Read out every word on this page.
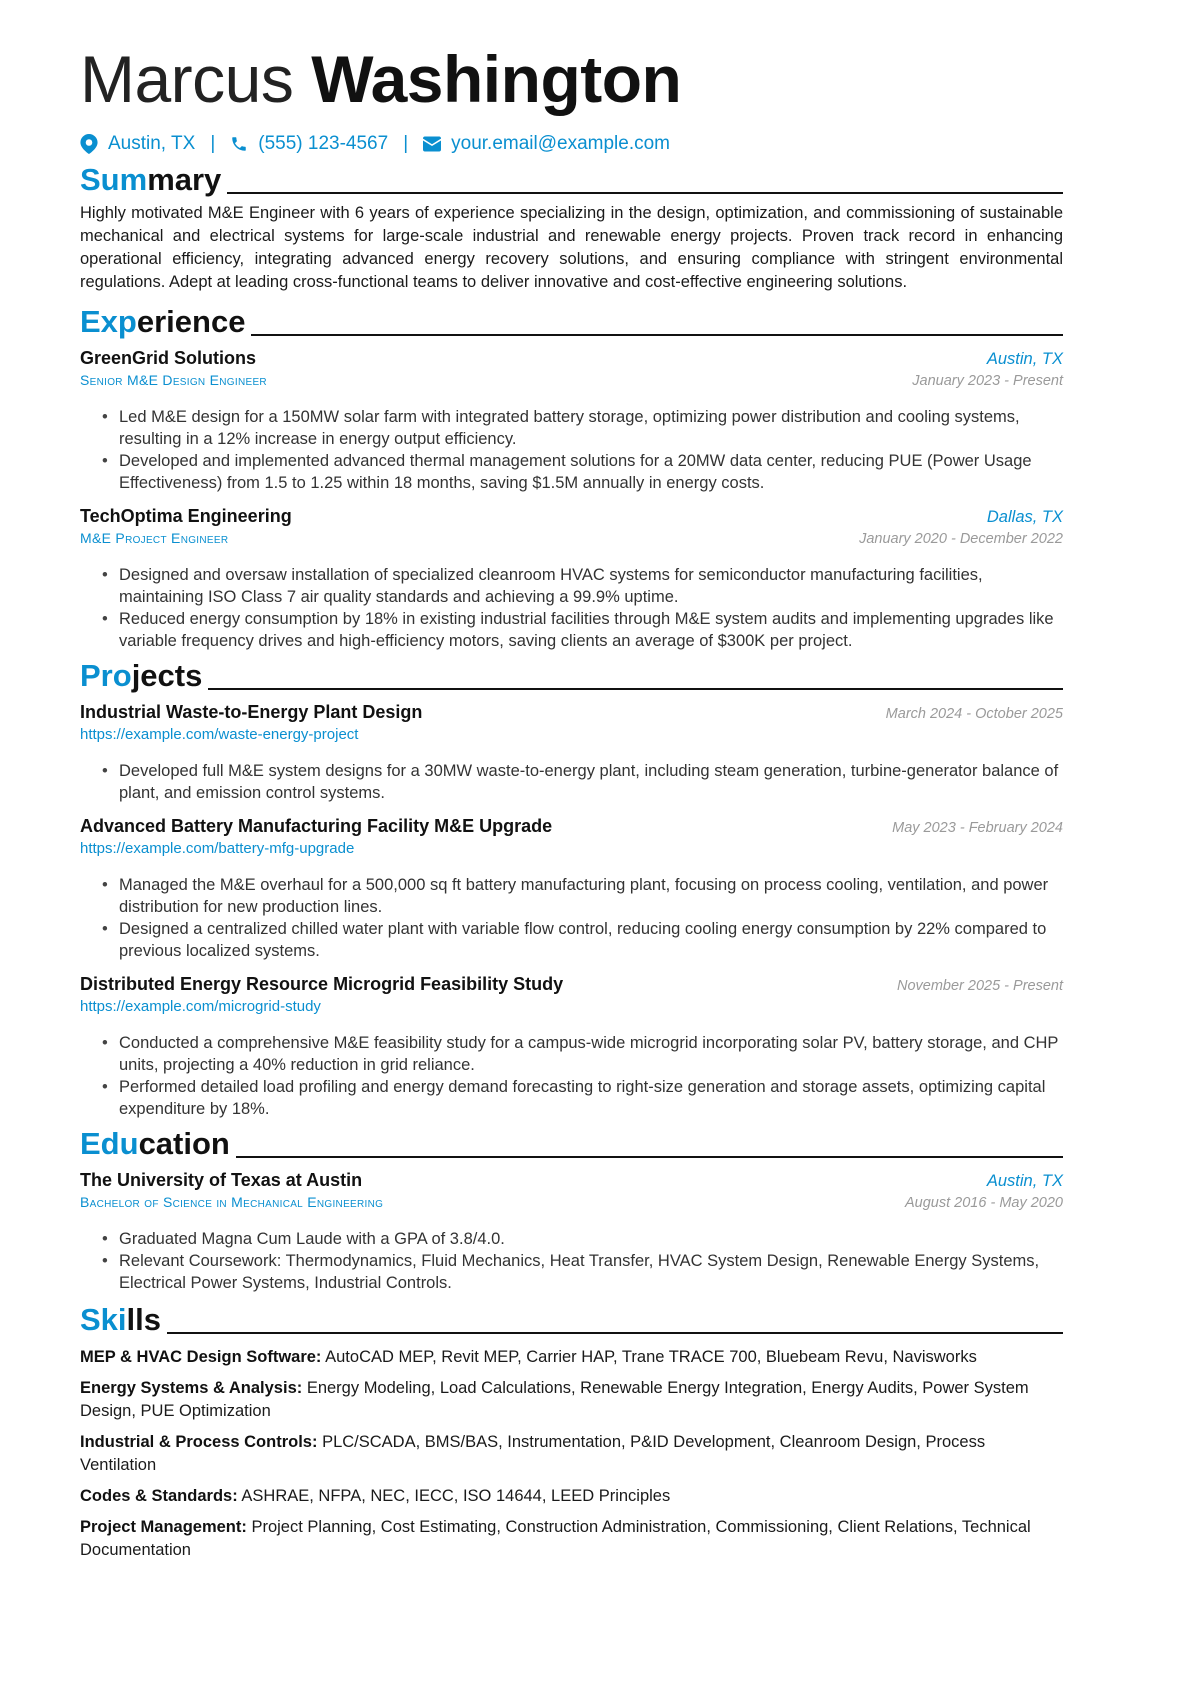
Marcus Washington
Austin, TX | (555) 123-4567 | your.email@example.com
Summary
Highly motivated M&E Engineer with 6 years of experience specializing in the design, optimization, and commissioning of sustainable mechanical and electrical systems for large-scale industrial and renewable energy projects. Proven track record in enhancing operational efficiency, integrating advanced energy recovery solutions, and ensuring compliance with stringent environmental regulations. Adept at leading cross-functional teams to deliver innovative and cost-effective engineering solutions.
Experience
GreenGrid Solutions	Austin, TX
Senior M&E Design Engineer	January 2023 - Present
• Led M&E design for a 150MW solar farm with integrated battery storage, optimizing power distribution and cooling systems, resulting in a 12% increase in energy output efficiency.
• Developed and implemented advanced thermal management solutions for a 20MW data center, reducing PUE (Power Usage Effectiveness) from 1.5 to 1.25 within 18 months, saving $1.5M annually in energy costs.
TechOptima Engineering	Dallas, TX
M&E Project Engineer	January 2020 - December 2022
• Designed and oversaw installation of specialized cleanroom HVAC systems for semiconductor manufacturing facilities, maintaining ISO Class 7 air quality standards and achieving a 99.9% uptime.
• Reduced energy consumption by 18% in existing industrial facilities through M&E system audits and implementing upgrades like variable frequency drives and high-efficiency motors, saving clients an average of $300K per project.
Projects
Industrial Waste-to-Energy Plant Design	March 2024 - October 2025
https://example.com/waste-energy-project
• Developed full M&E system designs for a 30MW waste-to-energy plant, including steam generation, turbine-generator balance of plant, and emission control systems.
Advanced Battery Manufacturing Facility M&E Upgrade	May 2023 - February 2024
https://example.com/battery-mfg-upgrade
• Managed the M&E overhaul for a 500,000 sq ft battery manufacturing plant, focusing on process cooling, ventilation, and power distribution for new production lines.
• Designed a centralized chilled water plant with variable flow control, reducing cooling energy consumption by 22% compared to previous localized systems.
Distributed Energy Resource Microgrid Feasibility Study	November 2025 - Present
https://example.com/microgrid-study
• Conducted a comprehensive M&E feasibility study for a campus-wide microgrid incorporating solar PV, battery storage, and CHP units, projecting a 40% reduction in grid reliance.
• Performed detailed load profiling and energy demand forecasting to right-size generation and storage assets, optimizing capital expenditure by 18%.
Education
The University of Texas at Austin	Austin, TX
Bachelor of Science in Mechanical Engineering	August 2016 - May 2020
• Graduated Magna Cum Laude with a GPA of 3.8/4.0.
• Relevant Coursework: Thermodynamics, Fluid Mechanics, Heat Transfer, HVAC System Design, Renewable Energy Systems, Electrical Power Systems, Industrial Controls.
Skills
MEP & HVAC Design Software: AutoCAD MEP, Revit MEP, Carrier HAP, Trane TRACE 700, Bluebeam Revu, Navisworks
Energy Systems & Analysis: Energy Modeling, Load Calculations, Renewable Energy Integration, Energy Audits, Power System Design, PUE Optimization
Industrial & Process Controls: PLC/SCADA, BMS/BAS, Instrumentation, P&ID Development, Cleanroom Design, Process Ventilation
Codes & Standards: ASHRAE, NFPA, NEC, IECC, ISO 14644, LEED Principles
Project Management: Project Planning, Cost Estimating, Construction Administration, Commissioning, Client Relations, Technical Documentation
